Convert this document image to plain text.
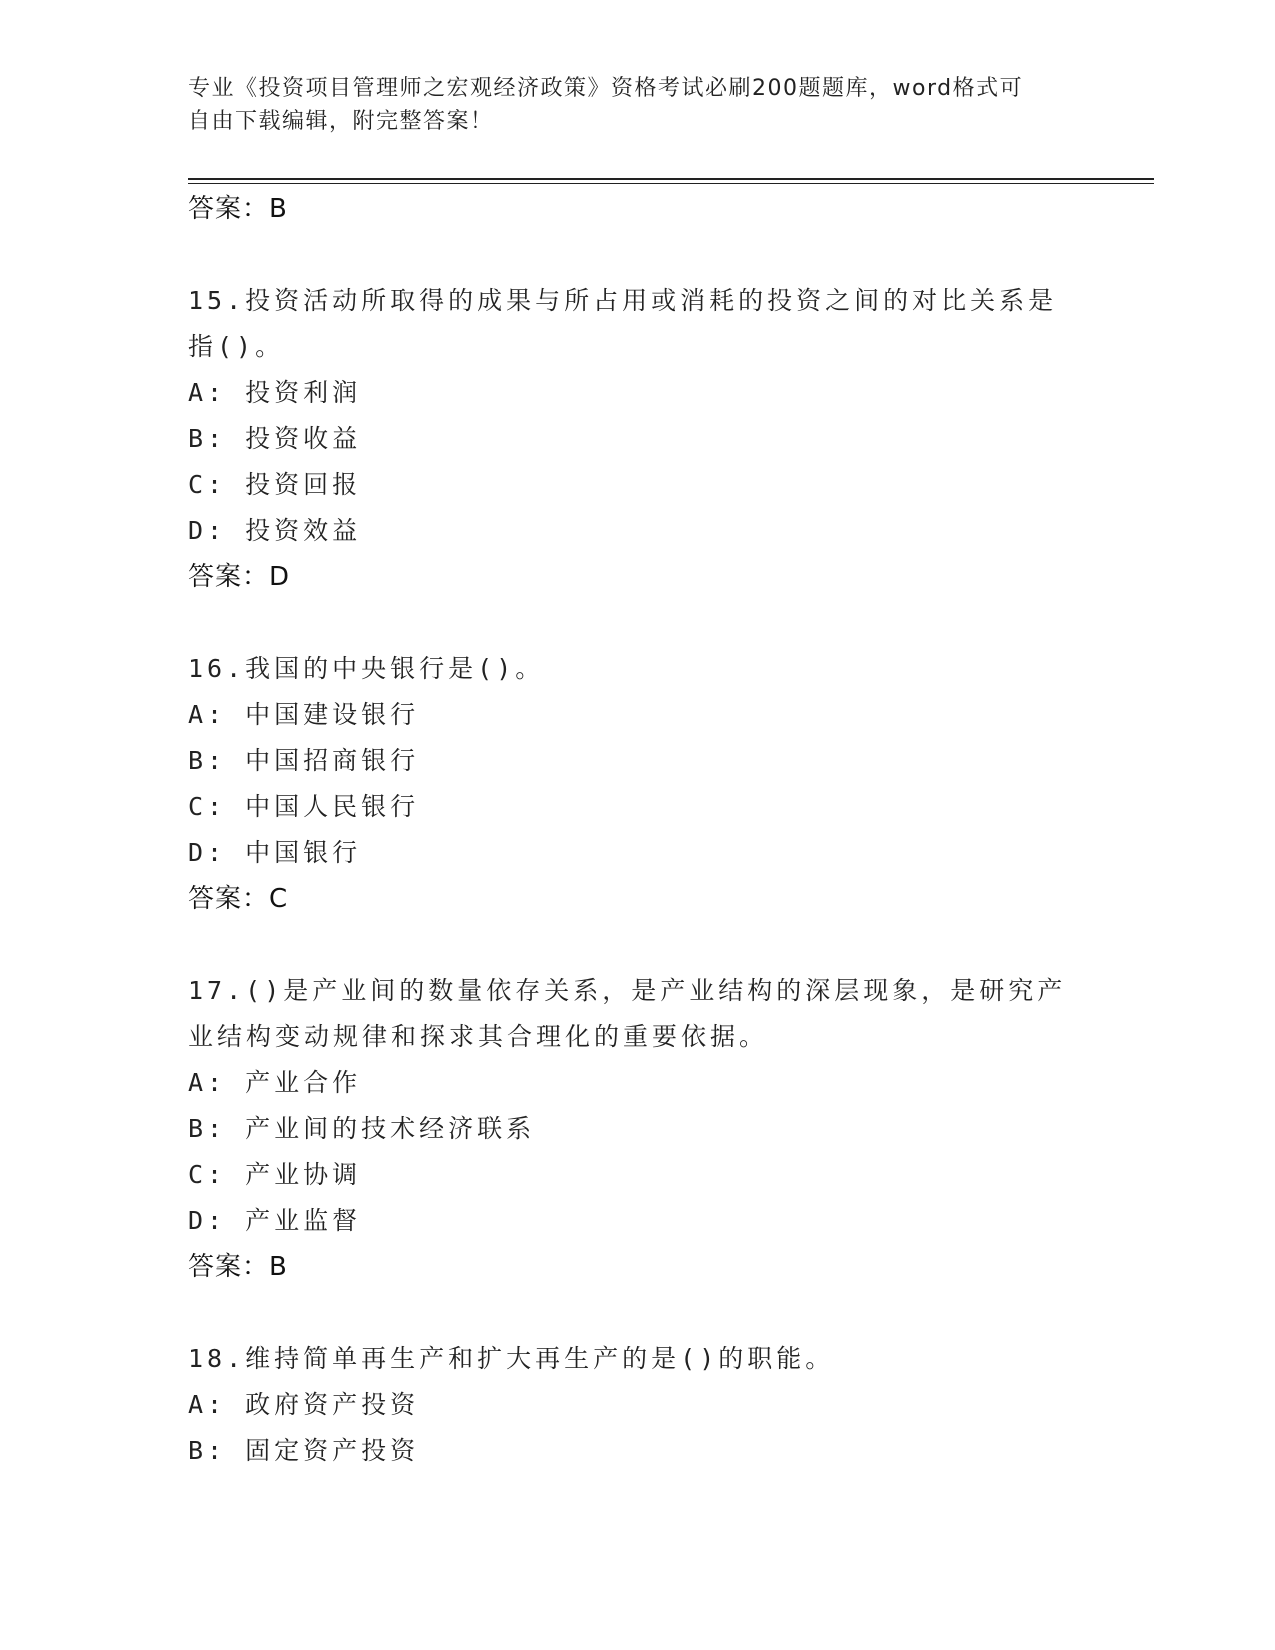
专业《投资项目管理师之宏观经济政策》资格考试必刷200题题库，word格式可
自由下载编辑，附完整答案！
答案：B
15.投资活动所取得的成果与所占用或消耗的投资之间的对比关系是指()。
A: 投资利润
B: 投资收益
C: 投资回报
D: 投资效益
答案：D
16.我国的中央银行是()。
A: 中国建设银行
B: 中国招商银行
C: 中国人民银行
D: 中国银行
答案：C
17.()是产业间的数量依存关系，是产业结构的深层现象，是研究产业结构变动规律和探求其合理化的重要依据。
A: 产业合作
B: 产业间的技术经济联系
C: 产业协调
D: 产业监督
答案：B
18.维持简单再生产和扩大再生产的是()的职能。
A: 政府资产投资
B: 固定资产投资
